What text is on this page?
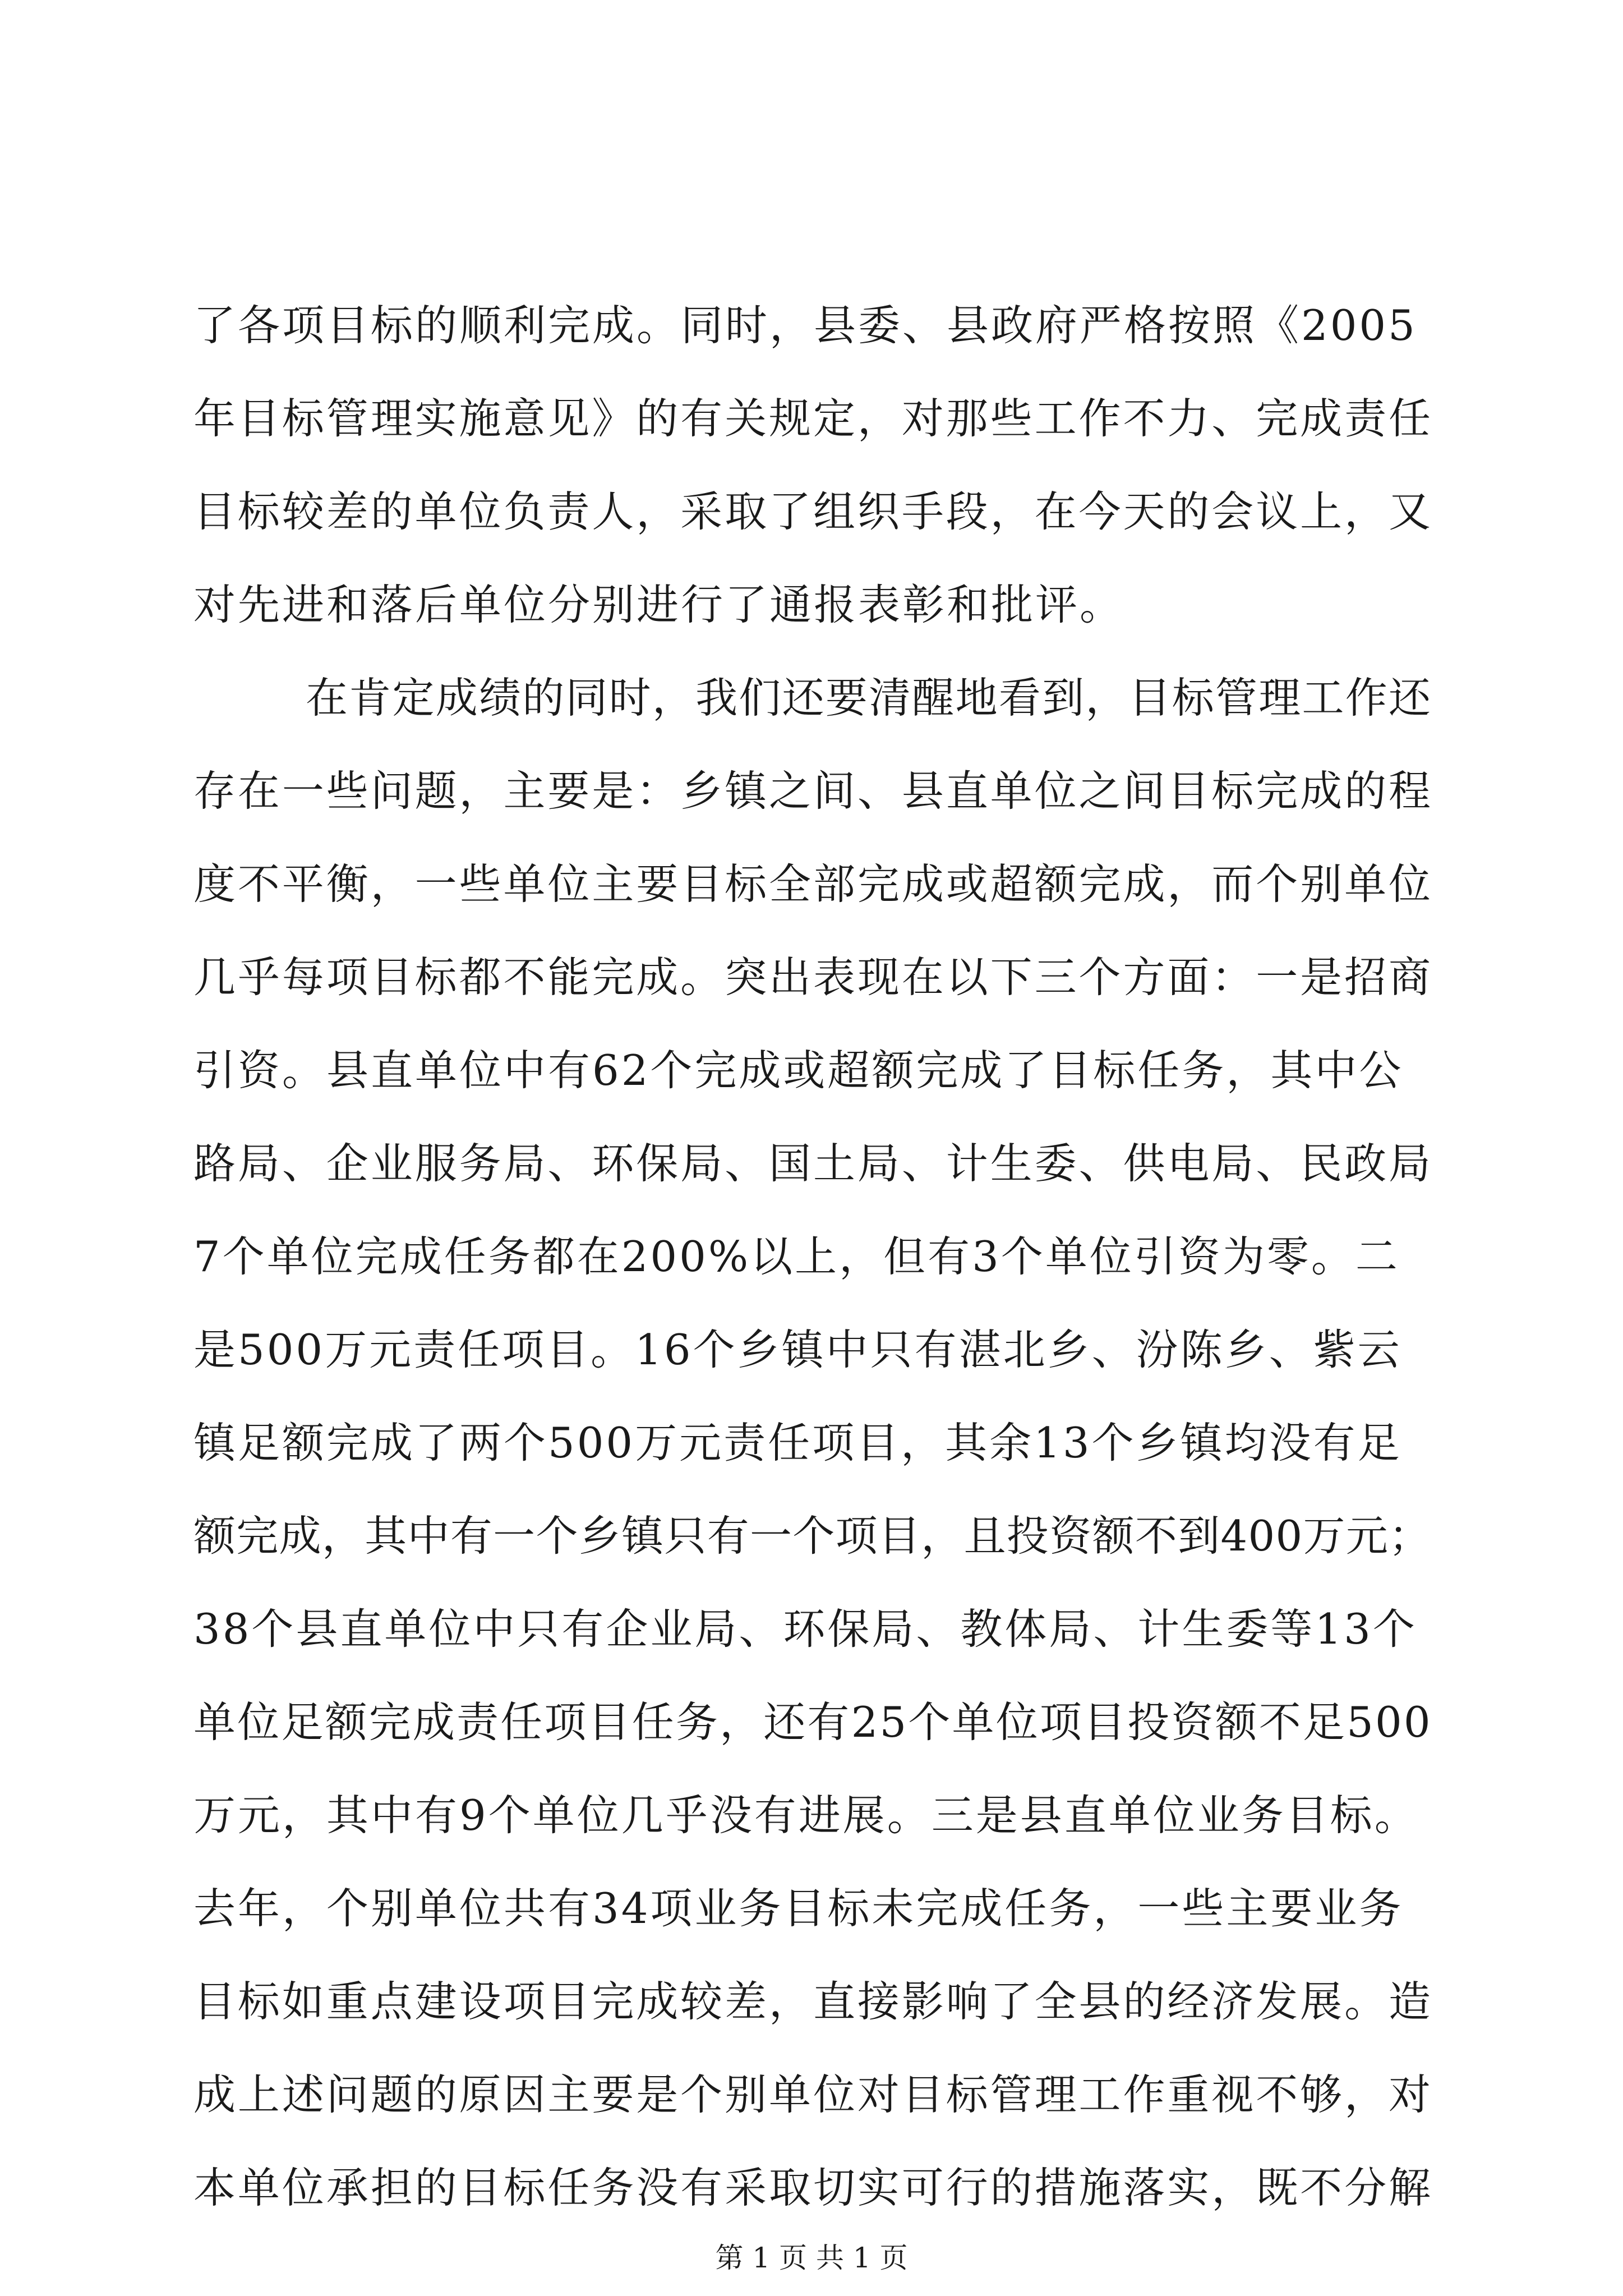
了各项目标的顺利完成。同时，县委、县政府严格按照《2005
年目标管理实施意见》的有关规定，对那些工作不力、完成责任
目标较差的单位负责人，采取了组织手段，在今天的会议上，又
对先进和落后单位分别进行了通报表彰和批评。
在肯定成绩的同时，我们还要清醒地看到，目标管理工作还
存在一些问题，主要是：乡镇之间、县直单位之间目标完成的程
度不平衡，一些单位主要目标全部完成或超额完成，而个别单位
几乎每项目标都不能完成。突出表现在以下三个方面：一是招商
引资。县直单位中有62个完成或超额完成了目标任务，其中公
路局、企业服务局、环保局、国土局、计生委、供电局、民政局
7个单位完成任务都在200%以上，但有3个单位引资为零。二
是500万元责任项目。16个乡镇中只有湛北乡、汾陈乡、紫云
镇足额完成了两个500万元责任项目，其余13个乡镇均没有足
额完成，其中有一个乡镇只有一个项目，且投资额不到400万元；
38个县直单位中只有企业局、环保局、教体局、计生委等13个
单位足额完成责任项目任务，还有25个单位项目投资额不足500
万元，其中有9个单位几乎没有进展。三是县直单位业务目标。
去年，个别单位共有34项业务目标未完成任务，一些主要业务
目标如重点建设项目完成较差，直接影响了全县的经济发展。造
成上述问题的原因主要是个别单位对目标管理工作重视不够，对
本单位承担的目标任务没有采取切实可行的措施落实，既不分解
第 1 页 共 1 页
